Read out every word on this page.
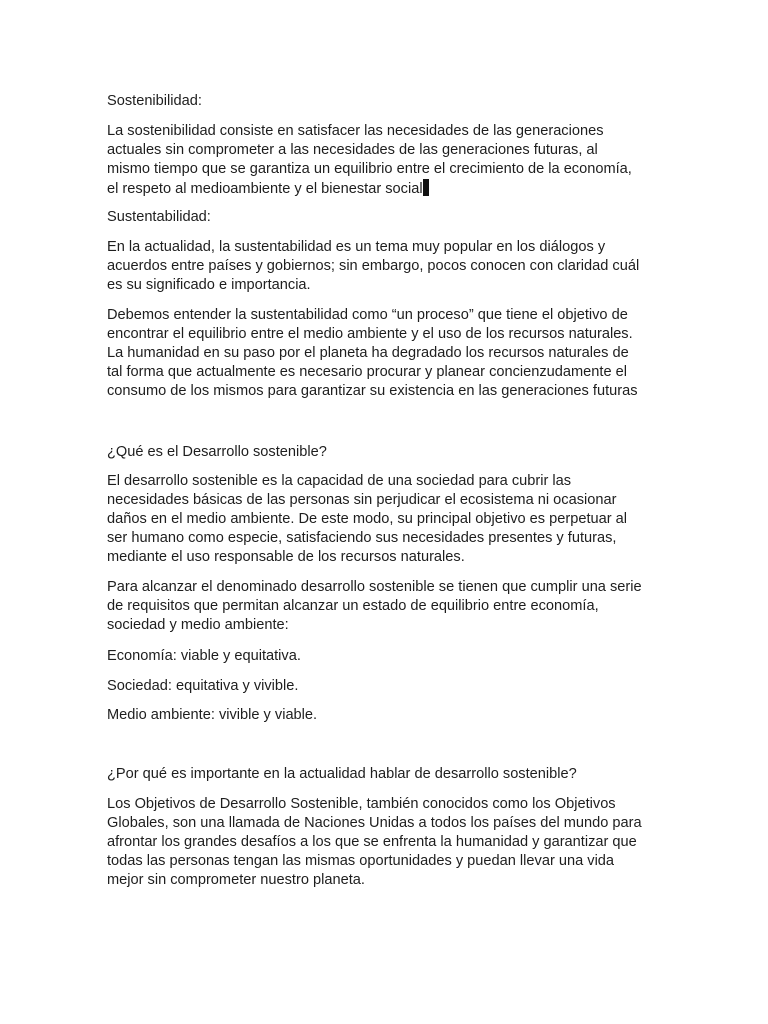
Sostenibilidad:

La sostenibilidad consiste en satisfacer las necesidades de las generaciones
actuales sin comprometer a las necesidades de las generaciones futuras, al
mismo tiempo que se garantiza un equilibrio entre el crecimiento de la economía,
el respeto al medioambiente y el bienestar social

Sustentabilidad:

En la actualidad, la sustentabilidad es un tema muy popular en los diálogos y
acuerdos entre países y gobiernos; sin embargo, pocos conocen con claridad cuál
es su significado e importancia.

Debemos entender la sustentabilidad como “un proceso” que tiene el objetivo de
encontrar el equilibrio entre el medio ambiente y el uso de los recursos naturales.
La humanidad en su paso por el planeta ha degradado los recursos naturales de
tal forma que actualmente es necesario procurar y planear concienzudamente el
consumo de los mismos para garantizar su existencia en las generaciones futuras

¿Qué es el Desarrollo sostenible?

El desarrollo sostenible es la capacidad de una sociedad para cubrir las
necesidades básicas de las personas sin perjudicar el ecosistema ni ocasionar
daños en el medio ambiente. De este modo, su principal objetivo es perpetuar al
ser humano como especie, satisfaciendo sus necesidades presentes y futuras,
mediante el uso responsable de los recursos naturales.

Para alcanzar el denominado desarrollo sostenible se tienen que cumplir una serie
de requisitos que permitan alcanzar un estado de equilibrio entre economía,
sociedad y medio ambiente:

Economía: viable y equitativa.

Sociedad: equitativa y vivible.

Medio ambiente: vivible y viable.

¿Por qué es importante en la actualidad hablar de desarrollo sostenible?

Los Objetivos de Desarrollo Sostenible, también conocidos como los Objetivos
Globales, son una llamada de Naciones Unidas a todos los países del mundo para
afrontar los grandes desafíos a los que se enfrenta la humanidad y garantizar que
todas las personas tengan las mismas oportunidades y puedan llevar una vida
mejor sin comprometer nuestro planeta.
